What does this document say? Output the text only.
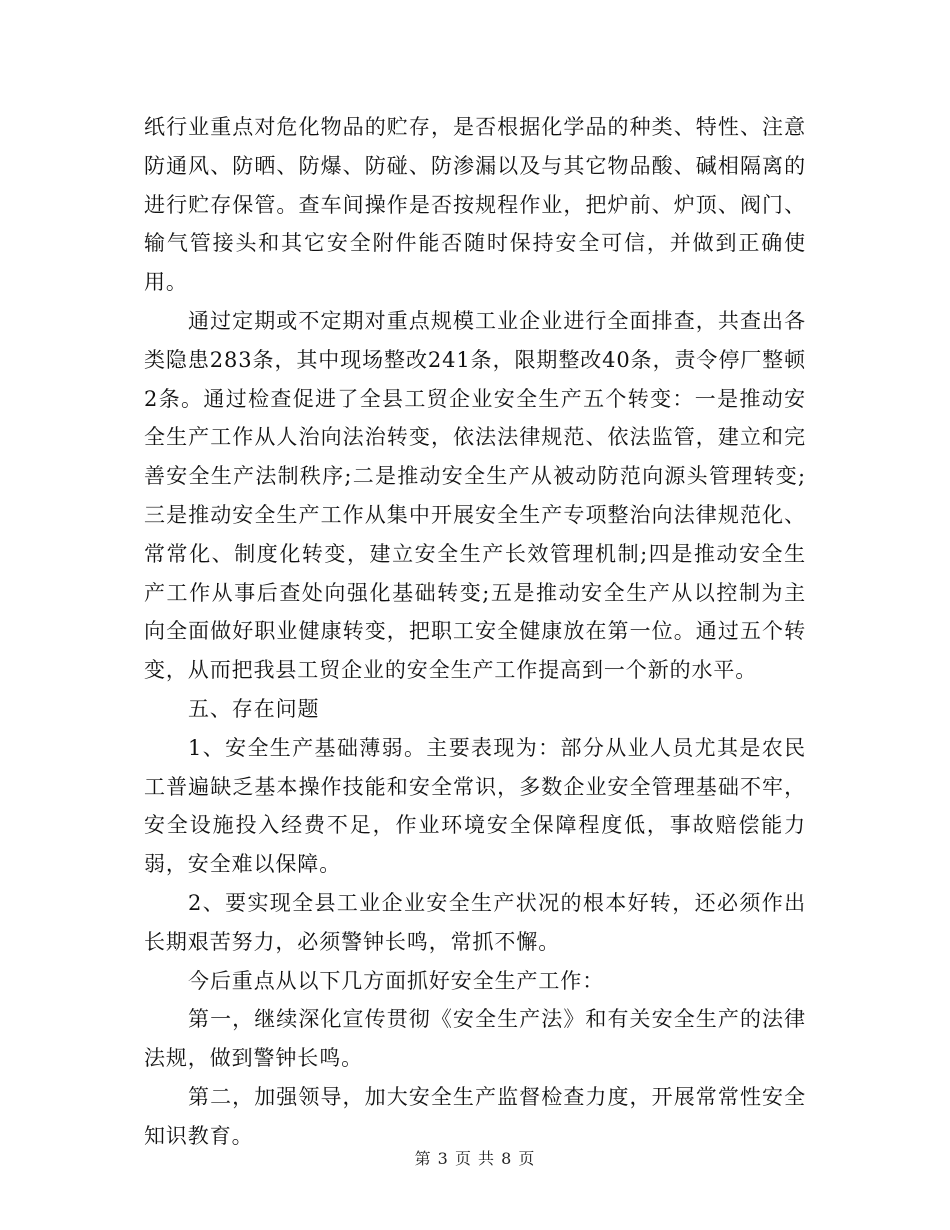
纸行业重点对危化物品的贮存，是否根据化学品的种类、特性、注意防通风、防晒、防爆、防碰、防渗漏以及与其它物品酸、碱相隔离的进行贮存保管。查车间操作是否按规程作业，把炉前、炉顶、阀门、输气管接头和其它安全附件能否随时保持安全可信，并做到正确使用。

通过定期或不定期对重点规模工业企业进行全面排查，共查出各类隐患283条，其中现场整改241条，限期整改40条，责令停厂整顿2条。通过检查促进了全县工贸企业安全生产五个转变：一是推动安全生产工作从人治向法治转变，依法法律规范、依法监管，建立和完善安全生产法制秩序;二是推动安全生产从被动防范向源头管理转变;三是推动安全生产工作从集中开展安全生产专项整治向法律规范化、常常化、制度化转变，建立安全生产长效管理机制;四是推动安全生产工作从事后查处向强化基础转变;五是推动安全生产从以控制为主向全面做好职业健康转变，把职工安全健康放在第一位。通过五个转变，从而把我县工贸企业的安全生产工作提高到一个新的水平。

五、存在问题

1、安全生产基础薄弱。主要表现为：部分从业人员尤其是农民工普遍缺乏基本操作技能和安全常识，多数企业安全管理基础不牢，安全设施投入经费不足，作业环境安全保障程度低，事故赔偿能力弱，安全难以保障。

2、要实现全县工业企业安全生产状况的根本好转，还必须作出长期艰苦努力，必须警钟长鸣，常抓不懈。

今后重点从以下几方面抓好安全生产工作：

第一，继续深化宣传贯彻《安全生产法》和有关安全生产的法律法规，做到警钟长鸣。

第二，加强领导，加大安全生产监督检查力度，开展常常性安全知识教育。

第 3 页 共 8 页
